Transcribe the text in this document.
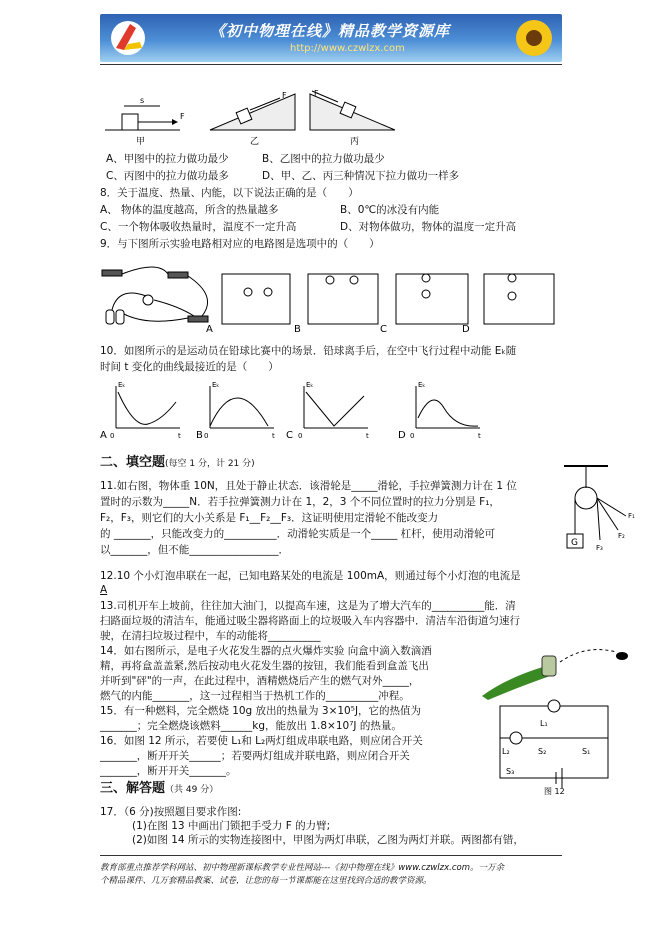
《初中物理在线》精品教学资源库
http://www.czwlzx.com
s
F
甲
F
乙
F
丙
A、甲图中的拉力做功最少	B、乙图中的拉力做功最少
C、丙图中的拉力做功最多	D、甲、乙、丙三种情况下拉力做功一样多
8．关于温度、热量、内能，以下说法正确的是（　　）
A、 物体的温度越高，所含的热量越多	B、0℃的冰没有内能
C、一个物体吸收热量时，温度不一定升高	D、对物体做功，物体的温度一定升高
9．与下图所示实验电路相对应的电路图是选项中的（　　）
A	B	C	D
10．如图所示的是运动员在铅球比赛中的场景．铅球离手后，在空中飞行过程中动能 Eₖ随
时间 t 变化的曲线最接近的是（　　）
A	B	C	D
Eₖ	Eₖ	Eₖ	Eₖ
t	t	t	t
0	0	0	0
二、填空题(每空 1 分，计 21 分)
11.如右图，物体重 10N，且处于静止状态．该滑轮是_____滑轮，手拉弹簧测力计在 1 位
置时的示数为_____N．若手拉弹簧测力计在 1，2，3 个不同位置时的拉力分别是 F₁，
F₂，F₃，则它们的大小关系是 F₁__F₂__F₃．这证明使用定滑轮不能改变力
的 _______，只能改变力的__________．动滑轮实质是一个_____ 杠杆，使用动滑轮可
以_______，但不能_________________．
G
F₁
F₂
F₃
12.10 个小灯泡串联在一起，已知电路某处的电流是 100mA，则通过每个小灯泡的电流是
A
13.司机开车上坡前，往往加大油门，以提高车速，这是为了增大汽车的__________能．清
扫路面垃圾的清洁车，能通过吸尘器将路面上的垃圾吸入车内容器中．清洁车沿街道匀速行
驶，在清扫垃圾过程中，车的动能将__________
14．如右图所示，是电子火花发生器的点火爆炸实验 向盒中滴入数滴酒
精，再将盒盖盖紧,然后按动电火花发生器的按钮，我们能看到盒盖飞出
并听到"砰"的一声，在此过程中，酒精燃烧后产生的燃气对外_____，
燃气的内能_______，这一过程相当于热机工作的__________冲程。
15．有一种燃料，完全燃烧 10g 放出的热量为 3×10⁵J，它的热值为
_______；完全燃烧该燃料______kg，能放出 1.8×10⁷J 的热量。
16．如图 12 所示，若要使 L₁和 L₂两灯组成串联电路，则应闭合开关
_______，断开开关______；若要两灯组成并联电路，则应闭合开关
_______，断开开关_______。
L₁
L₂	S₂	S₁
S₃
图 12
三、解答题（共 49 分）
17．（6 分)按照题目要求作图:
(1)在图 13 中画出门锁把手受力 F 的力臂;
(2)如图 14 所示的实物连接图中，甲图为两灯串联，乙图为两灯并联。两图都有错，
教育部重点推荐学科网站、初中物理新课标教学专业性网站---《初中物理在线》www.czwlzx.com。一万余
个精品课件、几万套精品教案、试卷，让您的每一节课都能在这里找到合适的教学资源。
